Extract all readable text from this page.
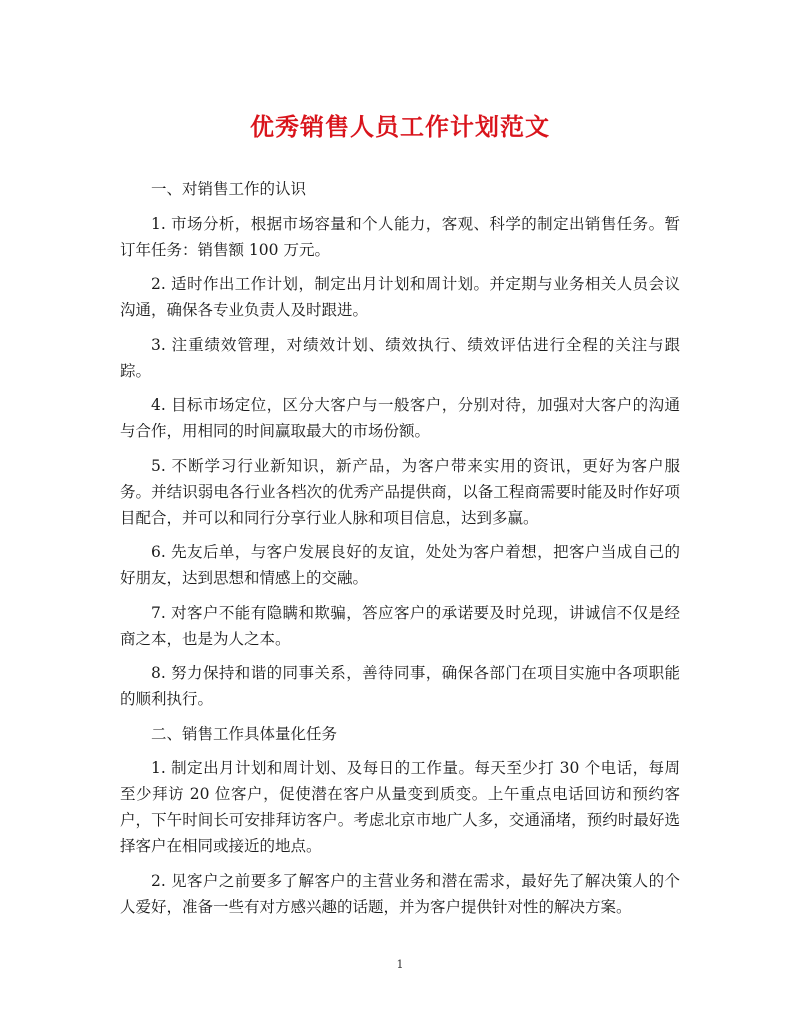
优秀销售人员工作计划范文
一、对销售工作的认识

1. 市场分析，根据市场容量和个人能力，客观、科学的制定出销售任务。暂订年任务：销售额 100 万元。

2. 适时作出工作计划，制定出月计划和周计划。并定期与业务相关人员会议沟通，确保各专业负责人及时跟进。

3. 注重绩效管理，对绩效计划、绩效执行、绩效评估进行全程的关注与跟踪。

4. 目标市场定位，区分大客户与一般客户，分别对待，加强对大客户的沟通与合作，用相同的时间赢取最大的市场份额。

5. 不断学习行业新知识，新产品，为客户带来实用的资讯，更好为客户服务。并结识弱电各行业各档次的优秀产品提供商，以备工程商需要时能及时作好项目配合，并可以和同行分享行业人脉和项目信息，达到多赢。

6. 先友后单，与客户发展良好的友谊，处处为客户着想，把客户当成自己的好朋友，达到思想和情感上的交融。

7. 对客户不能有隐瞒和欺骗，答应客户的承诺要及时兑现，讲诚信不仅是经商之本，也是为人之本。

8. 努力保持和谐的同事关系，善待同事，确保各部门在项目实施中各项职能的顺利执行。

二、销售工作具体量化任务

1. 制定出月计划和周计划、及每日的工作量。每天至少打 30 个电话，每周至少拜访 20 位客户，促使潜在客户从量变到质变。上午重点电话回访和预约客户，下午时间长可安排拜访客户。考虑北京市地广人多，交通涌堵，预约时最好选择客户在相同或接近的地点。

2. 见客户之前要多了解客户的主营业务和潜在需求，最好先了解决策人的个人爱好，准备一些有对方感兴趣的话题，并为客户提供针对性的解决方案。

1
